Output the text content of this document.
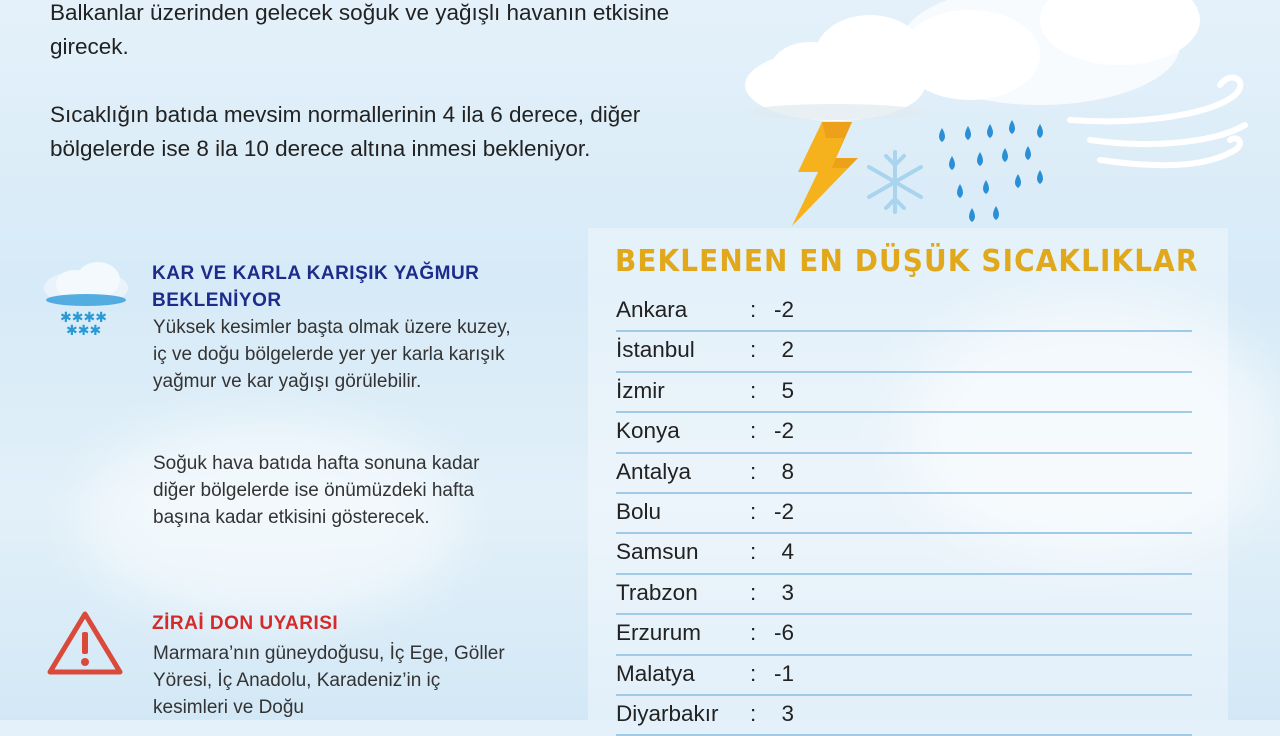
Balkanlar üzerinden gelecek soğuk ve yağışlı havanın etkisine girecek.

Sıcaklığın batıda mevsim normallerinin 4 ila 6 derece, diğer bölgelerde ise 8 ila 10 derece altına inmesi bekleniyor.

✱✱✱✱
✱✱✱
KAR VE KARLA KARIŞIK YAĞMUR BEKLENİYOR
Yüksek kesimler başta olmak üzere kuzey, iç ve doğu bölgelerde yer yer karla karışık yağmur ve kar yağışı görülebilir.
Soğuk hava batıda hafta sonuna kadar diğer bölgelerde ise önümüzdeki hafta başına kadar etkisini gösterecek.
ZİRAİ DON UYARISI
Marmara’nın güneydoğusu, İç Ege, Göller Yöresi, İç Anadolu, Karadeniz’in iç kesimleri ve Doğu
BEKLENEN EN DÜŞÜK SICAKLIKLAR
Ankara	: -2
İstanbul :	2
İzmir	:	5
Konya	: -2
Antalya	:	8
Bolu	: -2
Samsun :	4
Trabzon :	3
Erzurum : -6
Malatya : -1
Diyarbakır :	3
